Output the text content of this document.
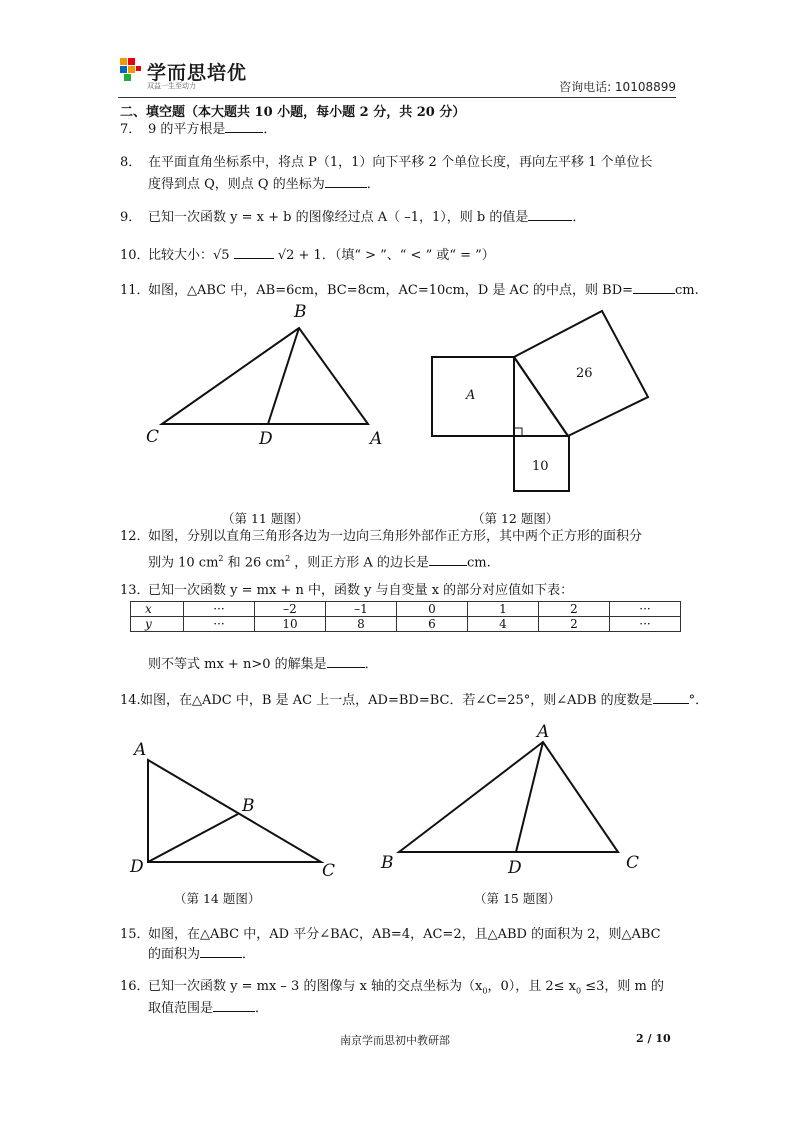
学而思培优
双益一生至动力	咨询电话: 10108899
二、填空题（本大题共 10 小题，每小题 2 分，共 20 分）
7． 9 的平方根是	．
8． 在平面直角坐标系中，将点 P（1，1）向下平移 2 个单位长度，再向左平移 1 个单位长
度得到点 Q，则点 Q 的坐标为	．
9． 已知一次函数 y = x + b 的图像经过点 A（ –1，1），则 b 的值是	．
10．比较大小：√5	√2 + 1．（填“ > ”、“ < ” 或“ = ”）
11．如图，△ABC 中，AB=6cm，BC=8cm，AC=10cm，D 是 AC 的中点，则 BD=	cm.
B
C	D	A
A
26
10
A
B
D	C
A
B	D	C
（第 11 题图）	（第 12 题图）
12．如图，分别以直角三角形各边为一边向三角形外部作正方形，其中两个正方形的面积分
别为 10 $cm^2$ 和 26 $cm^2$ ，则正方形 A 的边长是	cm.
13．已知一次函数 y = mx + n 中，函数 y 与自变量 x 的部分对应值如下表：
x	···	–2	–1	0	1	2	···
y	···	10	8	6	4	2	···
则不等式 mx + n>0 的解集是	．
14.如图，在△ADC 中，B 是 AC 上一点，AD=BD=BC．若∠C=25°，则∠ADB 的度数是	°．
（第 14 题图）	（第 15 题图）
15．如图，在△ABC 中，AD 平分∠BAC，AB=4，AC=2，且△ABD 的面积为 2，则△ABC
的面积为	．
16．已知一次函数 y = mx – 3 的图像与 x 轴的交点坐标为（$x_0$，0），且 $2\le x_0 \le 3$，则 m 的
取值范围是	．
南京学而思初中教研部	2 / 10
